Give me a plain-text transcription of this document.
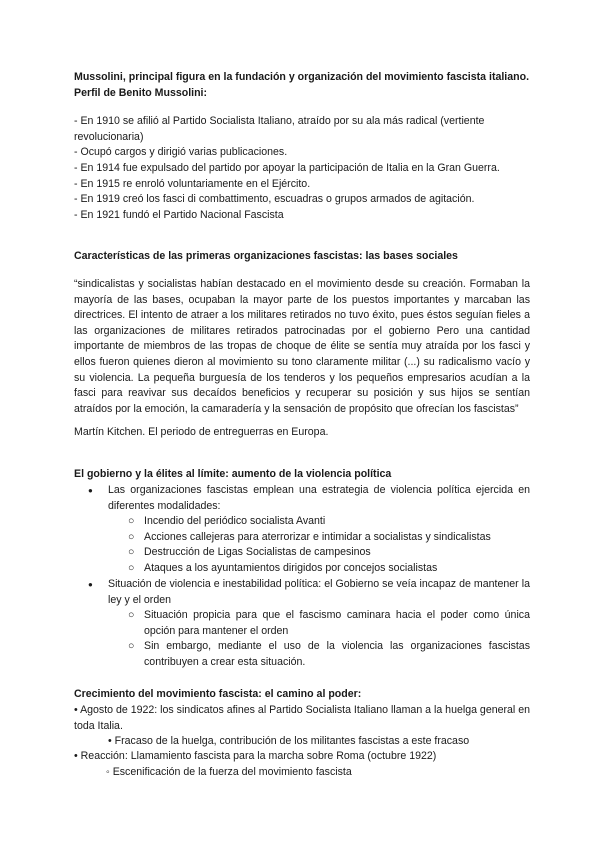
Mussolini, principal figura en la fundación y organización del movimiento fascista italiano. Perfil de Benito Mussolini:

- En 1910 se afilió al Partido Socialista Italiano, atraído por su ala más radical (vertiente revolucionaria)

- Ocupó cargos y dirigió varias publicaciones.

- En 1914 fue expulsado del partido por apoyar la participación de Italia en la Gran Guerra.

- En 1915 re enroló voluntariamente en el Ejército.

- En 1919 creó los fasci di combattimento, escuadras o grupos armados de agitación.

- En 1921 fundó el Partido Nacional Fascista

Características de las primeras organizaciones fascistas: las bases sociales

“sindicalistas y socialistas habían destacado en el movimiento desde su creación. Formaban la mayoría de las bases, ocupaban la mayor parte de los puestos importantes y marcaban las directrices. El intento de atraer a los militares retirados no tuvo éxito, pues éstos seguían fieles a las organizaciones de militares retirados patrocinadas por el gobierno Pero una cantidad importante de miembros de las tropas de choque de élite se sentía muy atraída por los fasci y ellos fueron quienes dieron al movimiento su tono claramente militar (...) su radicalismo vacío y su violencia. La pequeña burguesía de los tenderos y los pequeños empresarios acudían a la fasci para reavivar sus decaídos beneficios y recuperar su posición y sus hijos se sentían atraídos por la emoción, la camaradería y la sensación de propósito que ofrecían los fascistas”

Martín Kitchen. El periodo de entreguerras en Europa.

El gobierno y la élites al límite: aumento de la violencia política

● Las organizaciones fascistas emplean una estrategia de violencia política ejercida en diferentes modalidades:
○ Incendio del periódico socialista Avanti
○ Acciones callejeras para aterrorizar e intimidar a socialistas y sindicalistas
○ Destrucción de Ligas Socialistas de campesinos
○ Ataques a los ayuntamientos dirigidos por concejos socialistas
● Situación de violencia e inestabilidad política: el Gobierno se veía incapaz de mantener la ley y el orden
○ Situación propicia para que el fascismo caminara hacia el poder como única opción para mantener el orden
○ Sin embargo, mediante el uso de la violencia las organizaciones fascistas contribuyen a crear esta situación.

Crecimiento del movimiento fascista: el camino al poder:

• Agosto de 1922: los sindicatos afines al Partido Socialista Italiano llaman a la huelga general en toda Italia.

• Fracaso de la huelga, contribución de los militantes fascistas a este fracaso

• Reacción: Llamamiento fascista para la marcha sobre Roma (octubre 1922)

◦ Escenificación de la fuerza del movimiento fascista
